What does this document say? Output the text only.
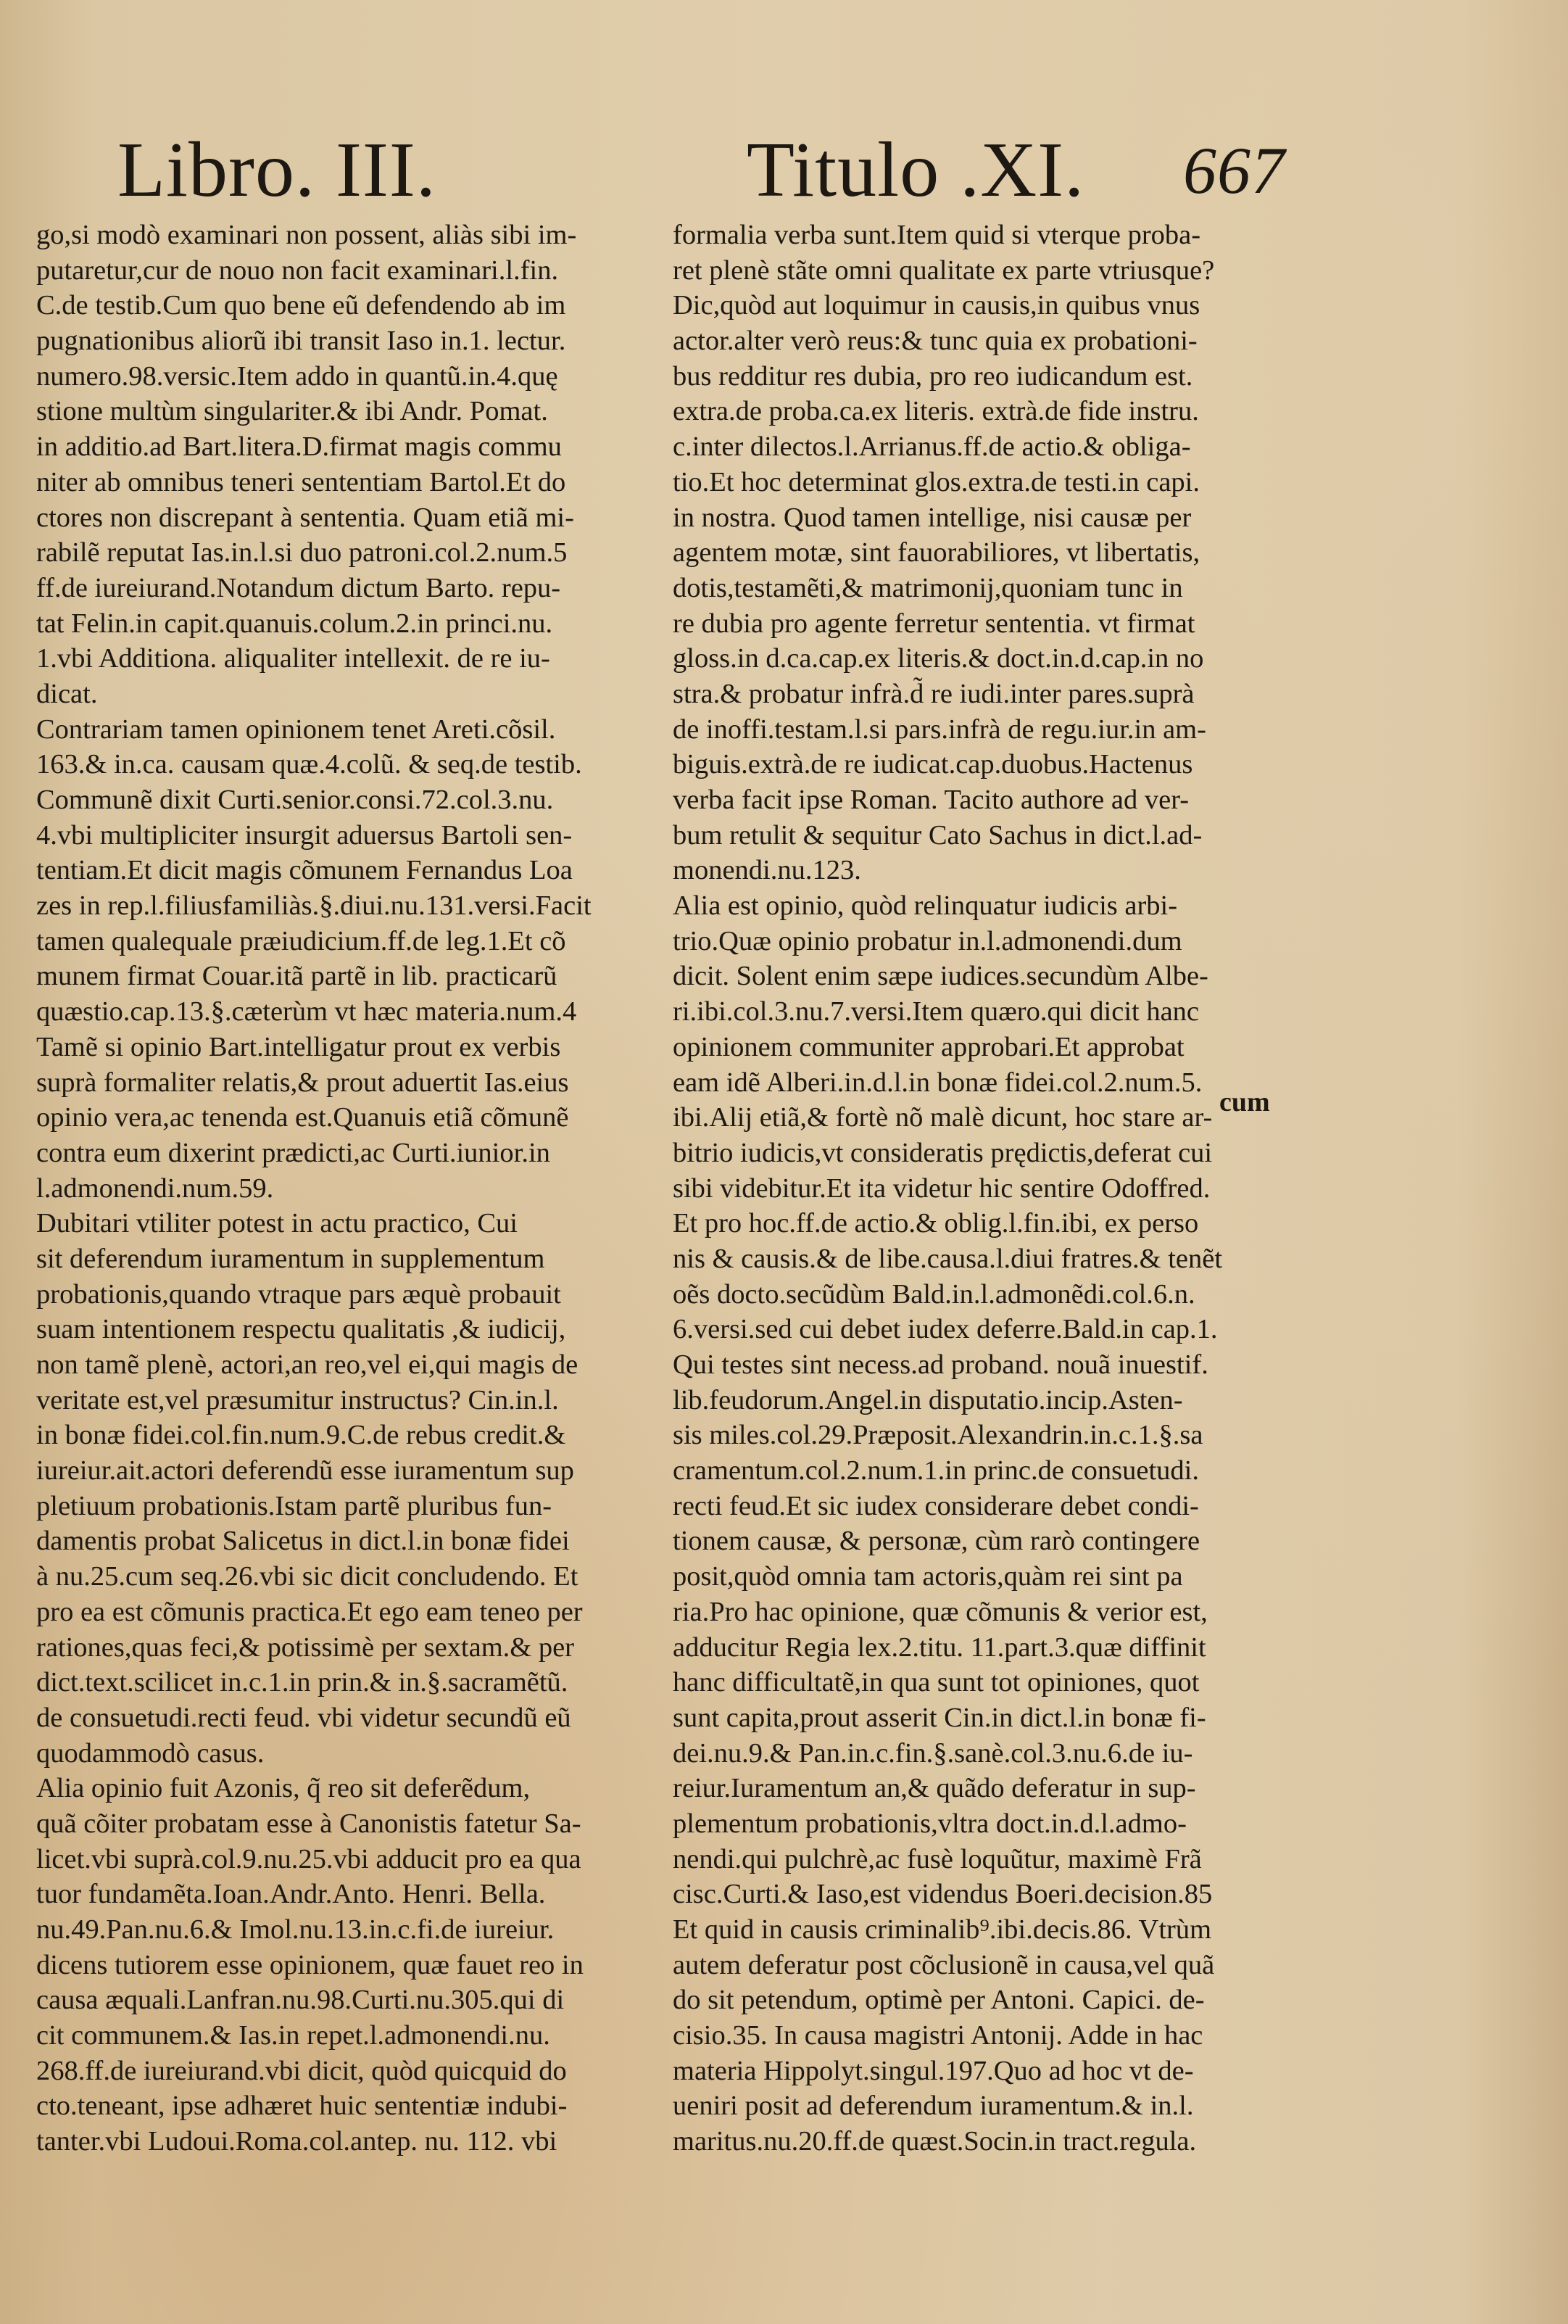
Libro. III.	Titulo .XI. 667
go,si modò examinari non possent, aliàs sibi im-
putaretur,cur de nouo non facit examinari.l.fin.
C.de testib.Cum quo bene eũ defendendo ab im
pugnationibus aliorũ ibi transit Iaso in.1. lectur.
numero.98.versic.Item addo in quantũ.in.4.quę
stione multùm singulariter.& ibi Andr. Pomat.
in additio.ad Bart.litera.D.firmat magis commu
niter ab omnibus teneri sententiam Bartol.Et do
ctores non discrepant à sententia. Quam etiã mi-
rabilẽ reputat Ias.in.l.si duo patroni.col.2.num.5
ff.de iureiurand.Notandum dictum Barto. repu-
tat Felin.in capit.quanuis.colum.2.in princi.nu.
1.vbi Additiona. aliqualiter intellexit. de re iu-
dicat.
Contrariam tamen opinionem tenet Areti.cõsil.
163.& in.ca. causam quæ.4.colũ. & seq.de testib.
Communẽ dixit Curti.senior.consi.72.col.3.nu.
4.vbi multipliciter insurgit aduersus Bartoli sen-
tentiam.Et dicit magis cõmunem Fernandus Loa
zes in rep.l.filiusfamiliàs.§.diui.nu.131.versi.Facit
tamen qualequale præiudicium.ff.de leg.1.Et cõ
munem firmat Couar.itã partẽ in lib. practicarũ
quæstio.cap.13.§.cæterùm vt hæc materia.num.4
Tamẽ si opinio Bart.intelligatur prout ex verbis
suprà formaliter relatis,& prout aduertit Ias.eius
opinio vera,ac tenenda est.Quanuis etiã cõmunẽ
contra eum dixerint prædicti,ac Curti.iunior.in
l.admonendi.num.59.
Dubitari vtiliter potest in actu practico, Cui
sit deferendum iuramentum in supplementum
probationis,quando vtraque pars æquè probauit
suam intentionem respectu qualitatis ,& iudicij,
non tamẽ plenè, actori,an reo,vel ei,qui magis de
veritate est,vel præsumitur instructus? Cin.in.l.
in bonæ fidei.col.fin.num.9.C.de rebus credit.&
iureiur.ait.actori deferendũ esse iuramentum sup
pletiuum probationis.Istam partẽ pluribus fun-
damentis probat Salicetus in dict.l.in bonæ fidei
à nu.25.cum seq.26.vbi sic dicit concludendo. Et
pro ea est cõmunis practica.Et ego eam teneo per
rationes,quas feci,& potissimè per sextam.& per
dict.text.scilicet in.c.1.in prin.& in.§.sacramẽtũ.
de consuetudi.recti feud. vbi videtur secundũ eũ
quodammodò casus.
Alia opinio fuit Azonis, q̃ reo sit deferẽdum,
quã cõiter probatam esse à Canonistis fatetur Sa-
licet.vbi suprà.col.9.nu.25.vbi adducit pro ea qua
tuor fundamẽta.Ioan.Andr.Anto. Henri. Bella.
nu.49.Pan.nu.6.& Imol.nu.13.in.c.fi.de iureiur.
dicens tutiorem esse opinionem, quæ fauet reo in
causa æquali.Lanfran.nu.98.Curti.nu.305.qui di
cit communem.& Ias.in repet.l.admonendi.nu.
268.ff.de iureiurand.vbi dicit, quòd quicquid do
cto.teneant, ipse adhæret huic sententiæ indubi-
tanter.vbi Ludoui.Roma.col.antep. nu. 112. vbi
formalia verba sunt.Item quid si vterque proba-
ret plenè stãte omni qualitate ex parte vtriusque?
Dic,quòd aut loquimur in causis,in quibus vnus
actor.alter verò reus:& tunc quia ex probationi-
bus redditur res dubia, pro reo iudicandum est.
extra.de proba.ca.ex literis. extrà.de fide instru.
c.inter dilectos.l.Arrianus.ff.de actio.& obliga-
tio.Et hoc determinat glos.extra.de testi.in capi.
in nostra. Quod tamen intellige, nisi causæ per
agentem motæ, sint fauorabiliores, vt libertatis,
dotis,testamẽti,& matrimonij,quoniam tunc in
re dubia pro agente ferretur sententia. vt firmat
gloss.in d.ca.cap.ex literis.& doct.in.d.cap.in no
stra.& probatur infrà.d̃ re iudi.inter pares.suprà
de inoffi.testam.l.si pars.infrà de regu.iur.in am-
biguis.extrà.de re iudicat.cap.duobus.Hactenus
verba facit ipse Roman. Tacito authore ad ver-
bum retulit & sequitur Cato Sachus in dict.l.ad-
monendi.nu.123.
Alia est opinio, quòd relinquatur iudicis arbi-
trio.Quæ opinio probatur in.l.admonendi.dum
dicit. Solent enim sæpe iudices.secundùm Albe-
ri.ibi.col.3.nu.7.versi.Item quæro.qui dicit hanc
opinionem communiter approbari.Et approbat
eam idẽ Alberi.in.d.l.in bonæ fidei.col.2.num.5.
ibi.Alij etiã,& fortè nõ malè dicunt, hoc stare ar-
bitrio iudicis,vt consideratis prędictis,deferat cui
sibi videbitur.Et ita videtur hic sentire Odoffred.
Et pro hoc.ff.de actio.& oblig.l.fin.ibi, ex perso
nis & causis.& de libe.causa.l.diui fratres.& tenẽt
oẽs docto.secũdùm Bald.in.l.admonẽdi.col.6.n.
6.versi.sed cui debet iudex deferre.Bald.in cap.1.
Qui testes sint necess.ad proband. nouã inuestif.
lib.feudorum.Angel.in disputatio.incip.Asten-
sis miles.col.29.Præposit.Alexandrin.in.c.1.§.sa
cramentum.col.2.num.1.in princ.de consuetudi.
recti feud.Et sic iudex considerare debet condi-
tionem causæ, & personæ, cùm rarò contingere
posit,quòd omnia tam actoris,quàm rei sint pa
ria.Pro hac opinione, quæ cõmunis & verior est,
adducitur Regia lex.2.titu. 11.part.3.quæ diffinit
hanc difficultatẽ,in qua sunt tot opiniones, quot
sunt capita,prout asserit Cin.in dict.l.in bonæ fi-
dei.nu.9.& Pan.in.c.fin.§.sanè.col.3.nu.6.de iu-
reiur.Iuramentum an,& quãdo deferatur in sup-
plementum probationis,vltra doct.in.d.l.admo-
nendi.qui pulchrè,ac fusè loquũtur, maximè Frã
cisc.Curti.& Iaso,est videndus Boeri.decision.85
Et quid in causis criminalib⁹.ibi.decis.86. Vtrùm
autem deferatur post cõclusionẽ in causa,vel quã
do sit petendum, optimè per Antoni. Capici. de-
cisio.35. In causa magistri Antonij. Adde in hac
materia Hippolyt.singul.197.Quo ad hoc vt de-
ueniri posit ad deferendum iuramentum.& in.l.
maritus.nu.20.ff.de quæst.Socin.in tract.regula.
cum
